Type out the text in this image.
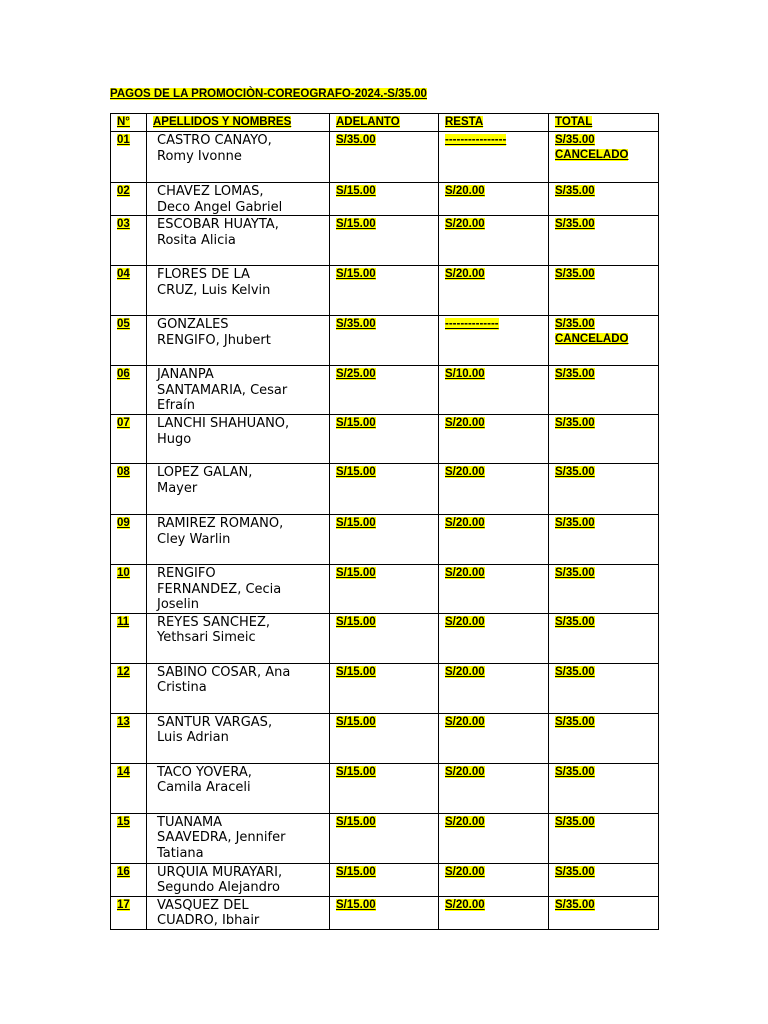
PAGOS DE LA PROMOCIÒN-COREOGRAFO-2024.-S/35.00
N°	APELLIDOS Y NOMBRES	ADELANTO	RESTA	TOTAL
01	CASTRO CANAYO,
Romy Ivonne	S/35.00	----------------	S/35.00
CANCELADO
02	CHAVEZ LOMAS,
Deco Angel Gabriel	S/15.00	S/20.00	S/35.00
03	ESCOBAR HUAYTA,
Rosita Alicia	S/15.00	S/20.00	S/35.00
04	FLORES DE LA
CRUZ, Luis Kelvin	S/15.00	S/20.00	S/35.00
05	GONZALES
RENGIFO, Jhubert	S/35.00	--------------	S/35.00
CANCELADO
06	JANANPA
SANTAMARIA, Cesar
Efraín	S/25.00	S/10.00	S/35.00
07	LANCHI SHAHUANO,
Hugo	S/15.00	S/20.00	S/35.00
08	LOPEZ GALAN,
Mayer	S/15.00	S/20.00	S/35.00
09	RAMIREZ ROMANO,
Cley Warlin	S/15.00	S/20.00	S/35.00
10	RENGIFO
FERNANDEZ, Cecia
Joselin	S/15.00	S/20.00	S/35.00
11	REYES SANCHEZ,
Yethsari Simeic	S/15.00	S/20.00	S/35.00
12	SABINO COSAR, Ana
Cristina	S/15.00	S/20.00	S/35.00
13	SANTUR VARGAS,
Luis Adrian	S/15.00	S/20.00	S/35.00
14	TACO YOVERA,
Camila Araceli	S/15.00	S/20.00	S/35.00
15	TUANAMA
SAAVEDRA, Jennifer
Tatiana	S/15.00	S/20.00	S/35.00
16	URQUIA MURAYARI,
Segundo Alejandro	S/15.00	S/20.00	S/35.00
17	VASQUEZ DEL
CUADRO, Ibhair	S/15.00	S/20.00	S/35.00
